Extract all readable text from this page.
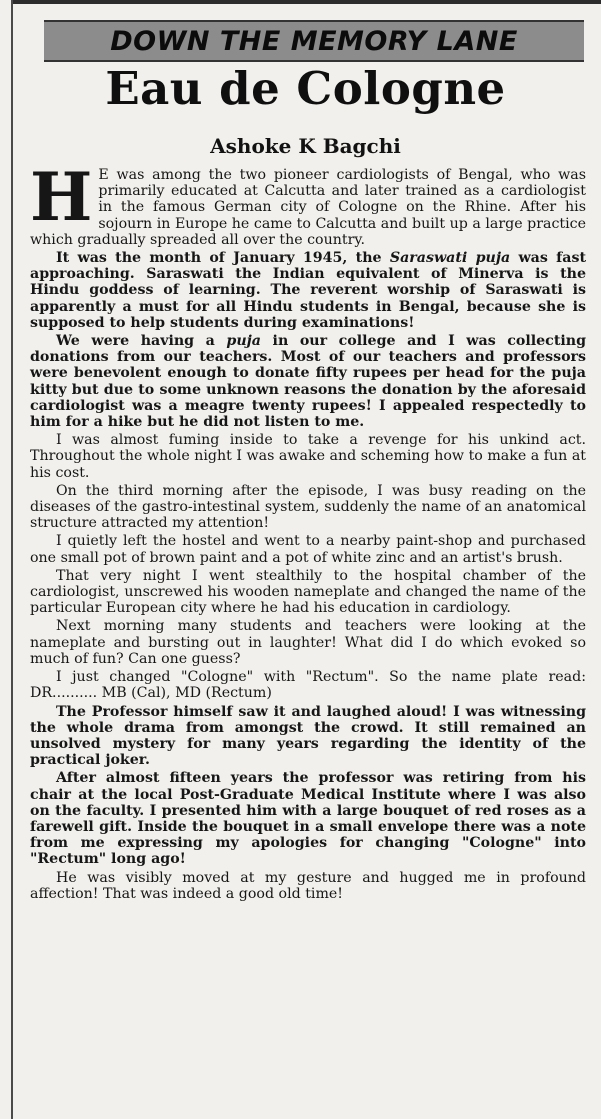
DOWN THE MEMORY LANE
Eau de Cologne
Ashoke K Bagchi

H E was among the two pioneer cardiologists of Bengal, who was primarily educated at Calcutta and later trained as a cardiologist in the famous German city of Cologne on the Rhine. After his sojourn in Europe he came to Calcutta and built up a large practice which gradually spreaded all over the country.

It was the month of January 1945, the Saraswati puja was fast approaching. Saraswati the Indian equivalent of Minerva is the Hindu goddess of learning. The reverent worship of Saraswati is apparently a must for all Hindu students in Bengal, because she is supposed to help students during examinations!

We were having a puja in our college and I was collecting donations from our teachers. Most of our teachers and professors were benevolent enough to donate fifty rupees per head for the puja kitty but due to some unknown reasons the donation by the aforesaid cardiologist was a meagre twenty rupees! I appealed respectedly to him for a hike but he did not listen to me.

I was almost fuming inside to take a revenge for his unkind act. Throughout the whole night I was awake and scheming how to make a fun at his cost.

On the third morning after the episode, I was busy reading on the diseases of the gastro-intestinal system, suddenly the name of an anatomical structure attracted my attention!

I quietly left the hostel and went to a nearby paint-shop and purchased one small pot of brown paint and a pot of white zinc and an artist's brush.

That very night I went stealthily to the hospital chamber of the cardiologist, unscrewed his wooden nameplate and changed the name of the particular European city where he had his education in cardiology.

Next morning many students and teachers were looking at the nameplate and bursting out in laughter! What did I do which evoked so much of fun? Can one guess?

I just changed "Cologne" with "Rectum". So the name plate read: DR.......... MB (Cal), MD (Rectum)

The Professor himself saw it and laughed aloud! I was witnessing the whole drama from amongst the crowd. It still remained an unsolved mystery for many years regarding the identity of the practical joker.

After almost fifteen years the professor was retiring from his chair at the local Post-Graduate Medical Institute where I was also on the faculty. I presented him with a large bouquet of red roses as a farewell gift. Inside the bouquet in a small envelope there was a note from me expressing my apologies for changing "Cologne" into "Rectum" long ago!

He was visibly moved at my gesture and hugged me in profound affection! That was indeed a good old time!
